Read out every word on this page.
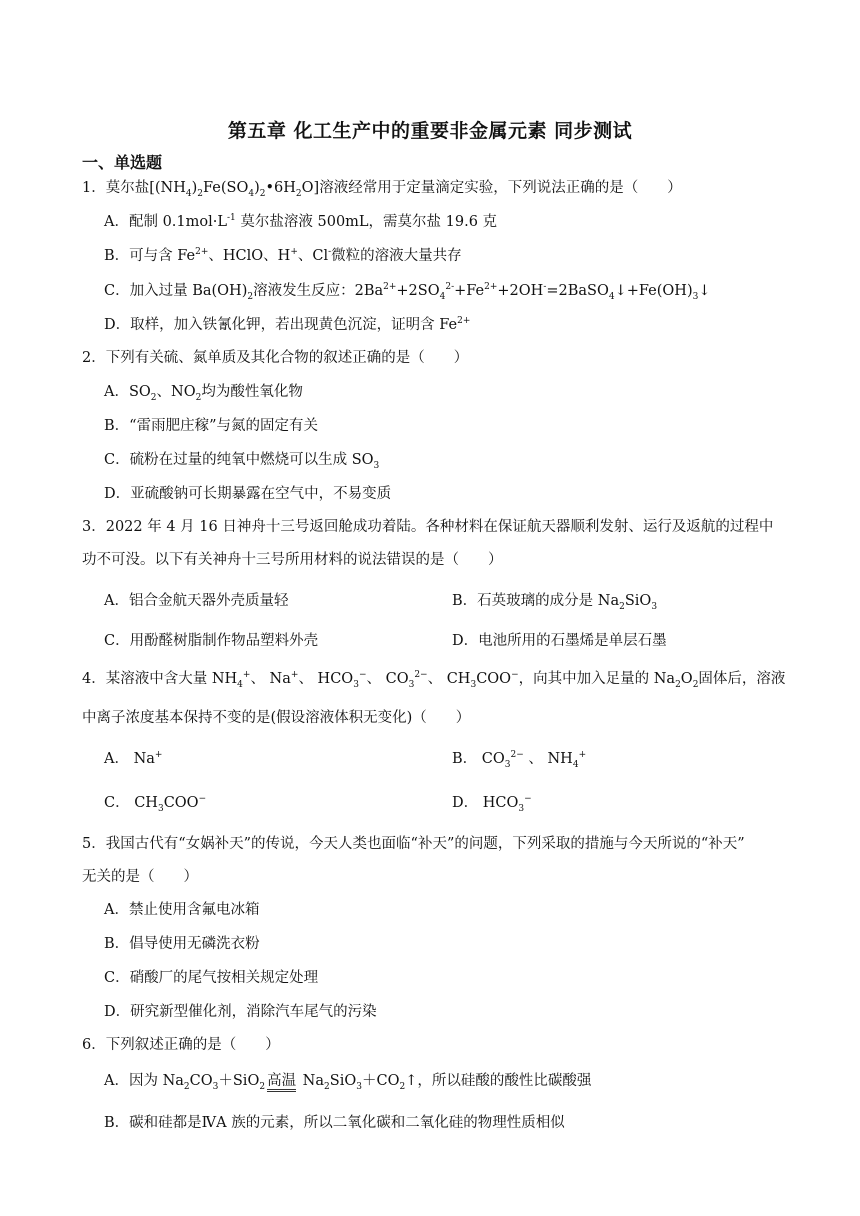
第五章 化工生产中的重要非金属元素 同步测试
一、单选题
1．莫尔盐$[(NH_4)_2Fe(SO_4)_2•6H_2O]$溶液经常用于定量滴定实验，下列说法正确的是（　　）
A．配制 $0.1mol\cdot L^{-1}$ 莫尔盐溶液 500mL，需莫尔盐 19.6 克
B．可与含 $Fe^{2+}$、HClO、H+、Cl-微粒的溶液大量共存
C．加入过量 $Ba(OH)_2$溶液发生反应：$2Ba^{2+}+2SO_4^{2-}+Fe^{2+}+2OH^-=2BaSO_4↓+Fe(OH)_3↓$
D．取样，加入铁氰化钾，若出现黄色沉淀，证明含 $Fe^{2+}$
2．下列有关硫、氮单质及其化合物的叙述正确的是（　　）
A．$SO_2$、$NO_2$均为酸性氧化物
B．“雷雨肥庄稼”与氮的固定有关
C．硫粉在过量的纯氧中燃烧可以生成 $SO_3$
D．亚硫酸钠可长期暴露在空气中，不易变质
3．2022 年 4 月 16 日神舟十三号返回舱成功着陆。各种材料在保证航天器顺利发射、运行及返航的过程中
功不可没。以下有关神舟十三号所用材料的说法错误的是（　　）
A．铝合金航天器外壳质量轻	B．石英玻璃的成分是 $Na_2SiO_3$
C．用酚醛树脂制作物品塑料外壳	D．电池所用的石墨烯是单层石墨
4．某溶液中含大量 $NH_4^+$、 Na+、 $HCO_3^-$、 $CO_3^{2-}$、 $CH_3COO^-$，向其中加入足量的 $Na_2O_2$固体后，溶液
中离子浓度基本保持不变的是(假设溶液体积无变化)（　　）
A． Na+	B． $CO_3^{2-}$ 、 $NH_4^+$
C． $CH_3COO^-$	D． $HCO_3^-$
5．我国古代有“女娲补天”的传说，今天人类也面临“补天”的问题，下列采取的措施与今天所说的“补天”
无关的是（　　）
A．禁止使用含氟电冰箱
B．倡导使用无磷洗衣粉
C．硝酸厂的尾气按相关规定处理
D．研究新型催化剂，消除汽车尾气的污染
6．下列叙述正确的是（　　）
A．因为 $Na_2CO_3+SiO_2$ 高温 $Na_2SiO_3+CO_2↑$，所以硅酸的酸性比碳酸强
B．碳和硅都是ⅣA 族的元素，所以二氧化碳和二氧化硅的物理性质相似
